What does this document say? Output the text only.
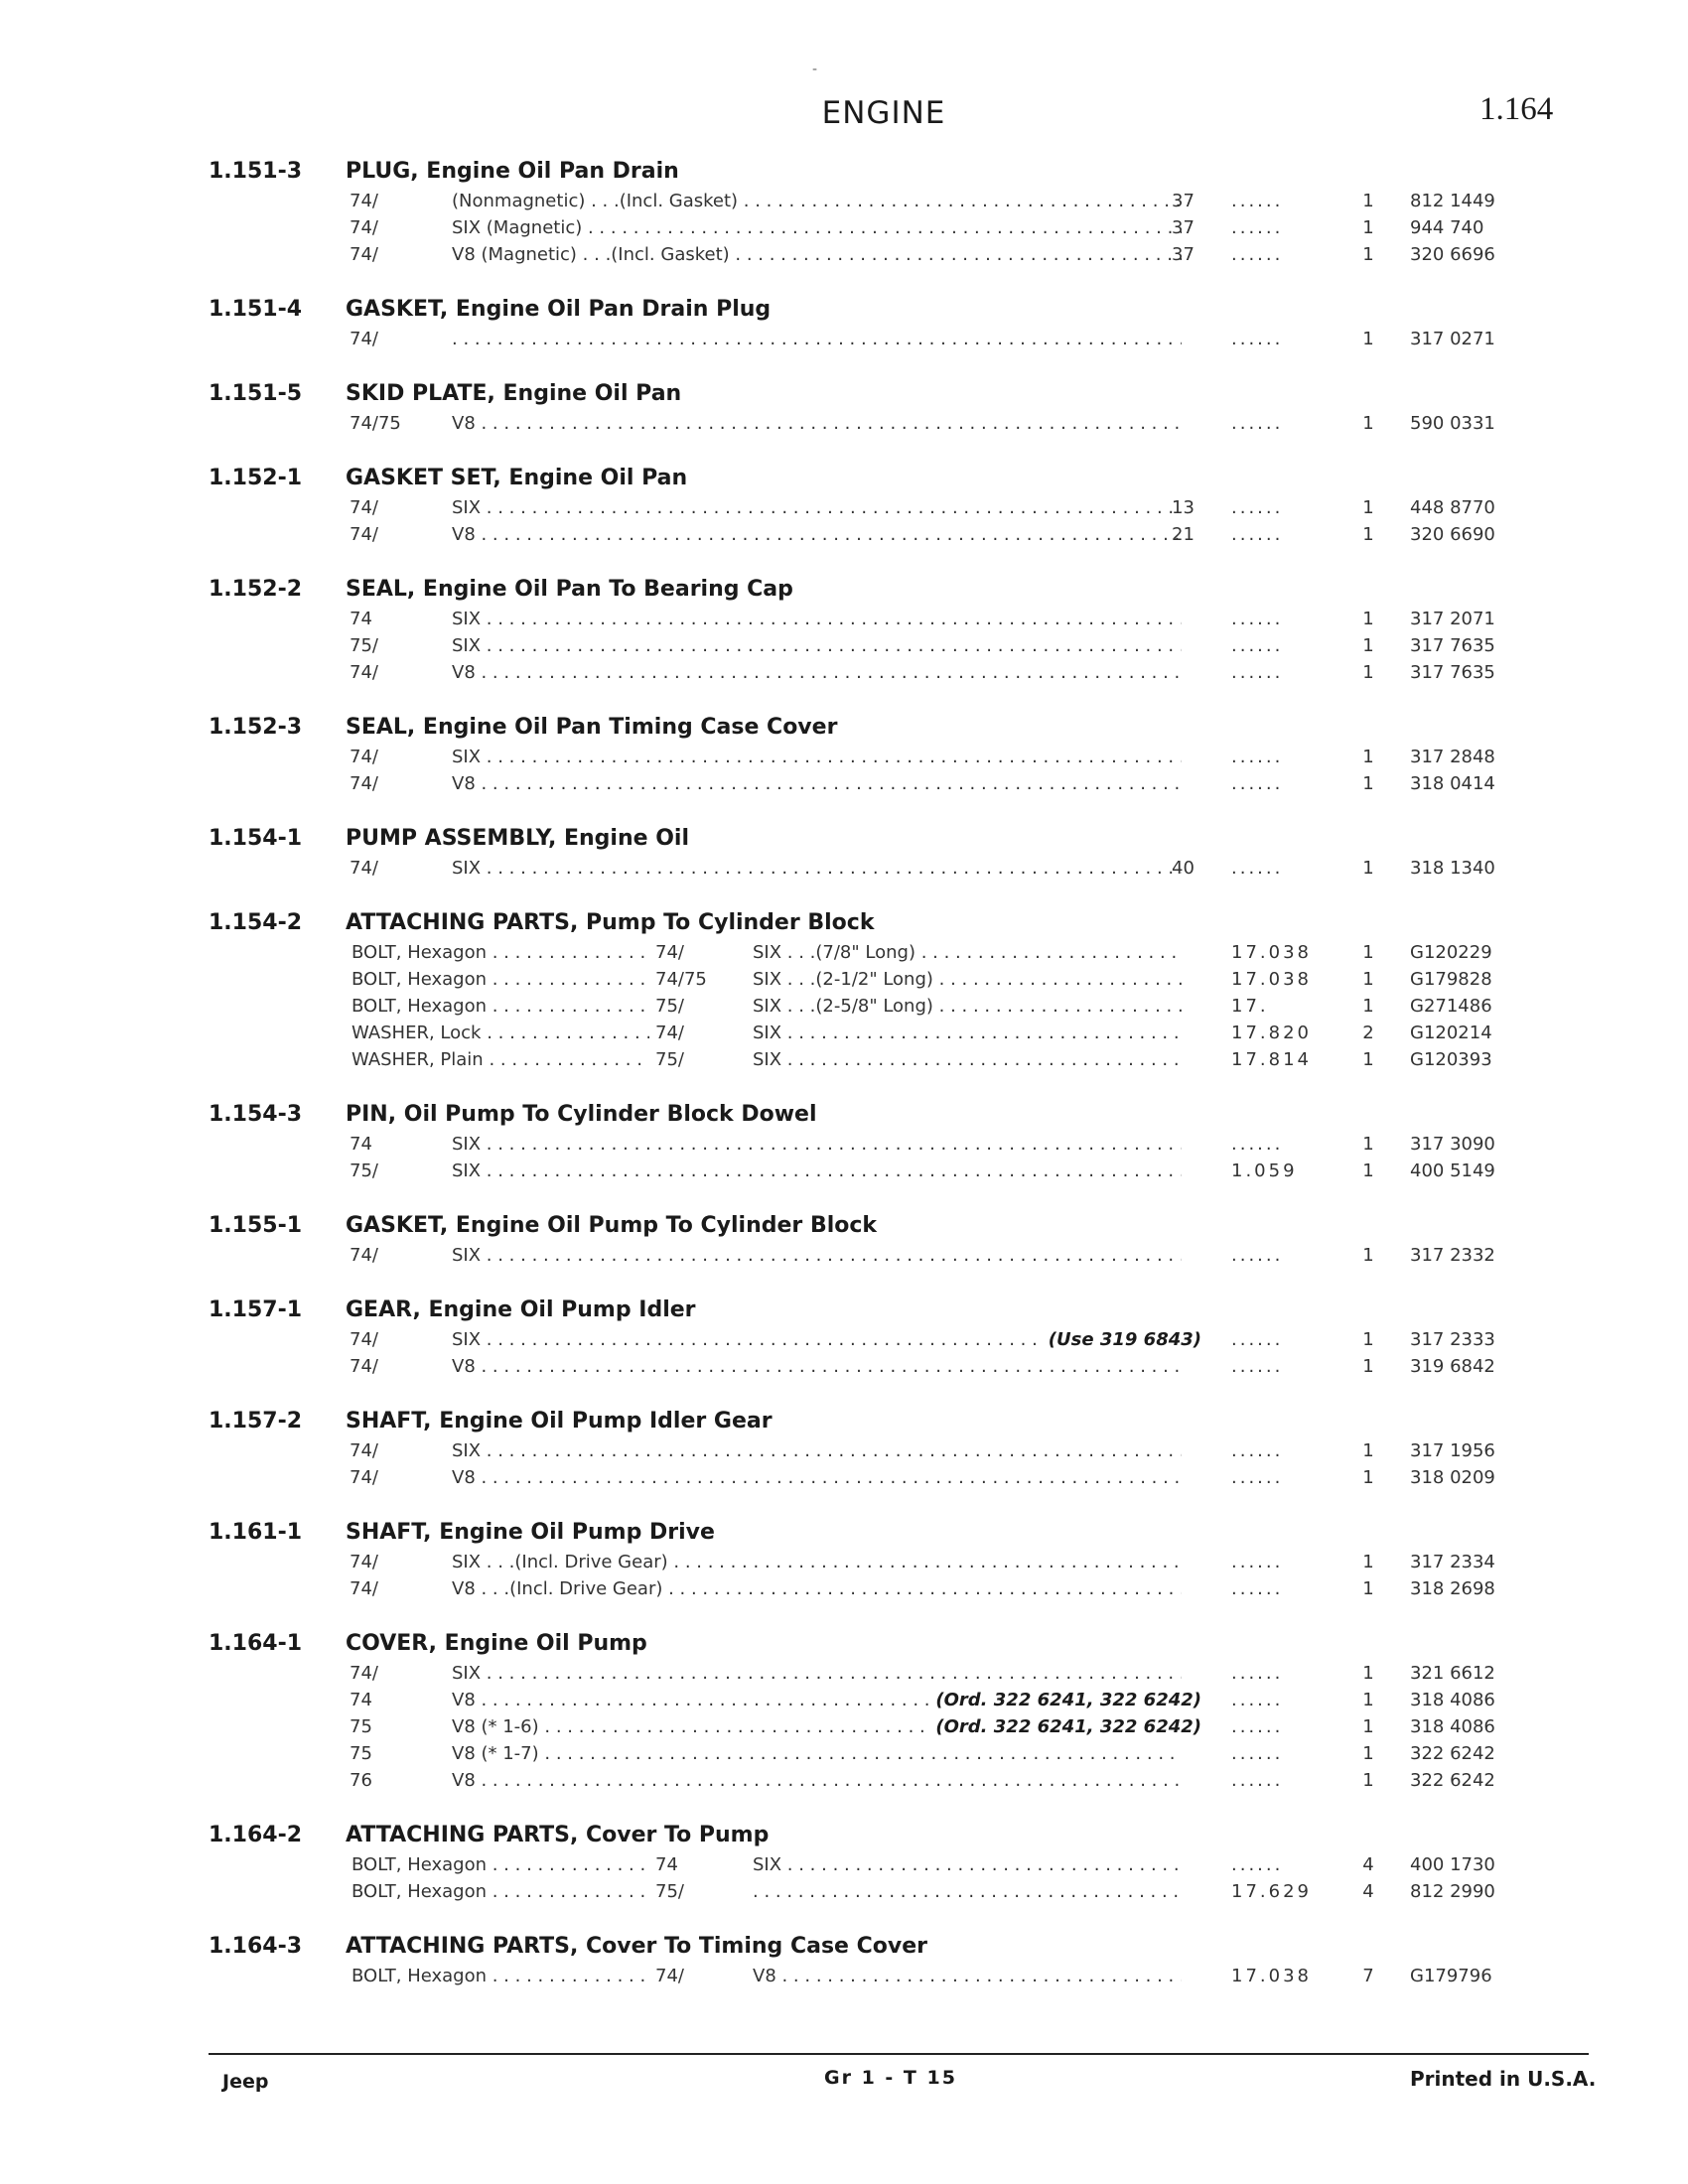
-
ENGINE	1.164
1.151-3 PLUG, Engine Oil Pan Drain
74/	(Nonmagnetic) . . .(Incl. Gasket) . . .	37 ......	1 812 1449
74/	SIX (Magnetic) . . .	37 ......	1 944 740
74/	V8 (Magnetic) . . .(Incl. Gasket) . . .	37 ......	1 320 6696
1.151-4 GASKET, Engine Oil Pan Drain Plug
74/ . . .	......	1 317 0271
1.151-5 SKID PLATE, Engine Oil Pan
74/75	V8 . . .	......	1 590 0331
1.152-1 GASKET SET, Engine Oil Pan
74/	SIX . . .	13 ......	1 448 8770
74/	V8 . . .	21 ......	1 320 6690
1.152-2 SEAL, Engine Oil Pan To Bearing Cap
74	SIX . . .	......	1 317 2071
75/	SIX . . .	......	1 317 7635
74/	V8 . . .	......	1 317 7635
1.152-3 SEAL, Engine Oil Pan Timing Case Cover
74/	SIX . . .	......	1 317 2848
74/	V8 . . .	......	1 318 0414
1.154-1 PUMP ASSEMBLY, Engine Oil
74/	SIX . . .	40 ......	1 318 1340
1.154-2 ATTACHING PARTS, Pump To Cylinder Block
BOLT, Hexagon . . .	74/	SIX . . .(7/8" Long) . . .	17.038	1 G120229
BOLT, Hexagon . . .	74/75	SIX . . .(2-1/2" Long) . . .	17.038	1 G179828
BOLT, Hexagon . . .	75/	SIX . . .(2-5/8" Long) . . .	17.	1 G271486
WASHER, Lock . . .	74/	SIX . . .	17.820	2 G120214
WASHER, Plain . . .	75/	SIX . . .	17.814	1 G120393
1.154-3 PIN, Oil Pump To Cylinder Block Dowel
74	SIX . . .	......	1 317 3090
75/	SIX . . .	1.059	1 400 5149
1.155-1 GASKET, Engine Oil Pump To Cylinder Block
74/	SIX . . .	......	1 317 2332
1.157-1 GEAR, Engine Oil Pump Idler
74/	SIX . . .	(Use 319 6843) ......	1 317 2333
74/	V8 . . .	......	1 319 6842
1.157-2 SHAFT, Engine Oil Pump Idler Gear
74/	SIX . . .	......	1 317 1956
74/	V8 . . .	......	1 318 0209
1.161-1 SHAFT, Engine Oil Pump Drive
74/	SIX . . .(Incl. Drive Gear) . . .	......	1 317 2334
74/	V8 . . .(Incl. Drive Gear) . . .	......	1 318 2698
1.164-1 COVER, Engine Oil Pump
74/	SIX . . .	......	1 321 6612
74	V8 . . .	(Ord. 322 6241, 322 6242) ......	1 318 4086
75	V8 (* 1-6) . . .	(Ord. 322 6241, 322 6242) ......	1 318 4086
75	V8 (* 1-7) . . .	......	1 322 6242
76	V8 . . .	......	1 322 6242
1.164-2 ATTACHING PARTS, Cover To Pump
BOLT, Hexagon . . .	74	SIX . . .	......	4 400 1730
BOLT, Hexagon . . .	75/ . . .	17.629	4 812 2990
1.164-3 ATTACHING PARTS, Cover To Timing Case Cover
BOLT, Hexagon . . .	74/	V8 . . .	17.038	7 G179796
Jeep	Gr 1 - T 15	Printed in U.S.A.
